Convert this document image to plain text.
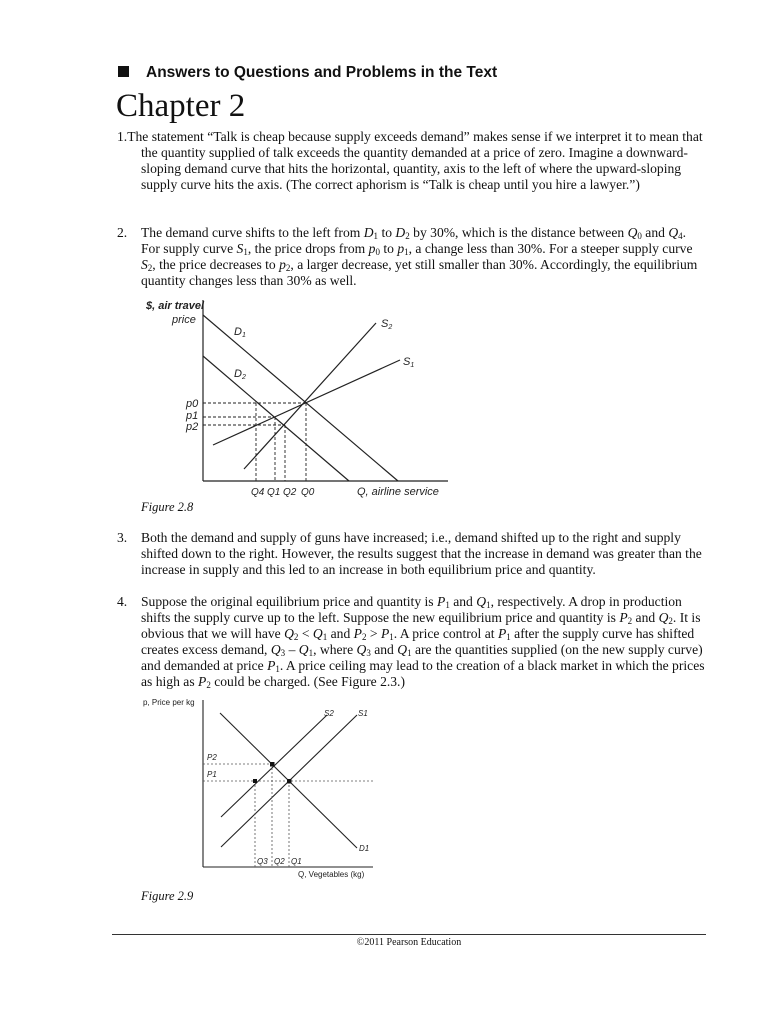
Answers to Questions and Problems in the Text
Chapter 2
1.The statement “Talk is cheap because supply exceeds demand” makes sense if we interpret it to mean that the quantity supplied of talk exceeds the quantity demanded at a price of zero. Imagine a downward-sloping demand curve that hits the horizontal, quantity, axis to the left of where the upward-sloping supply curve hits the axis. (The correct aphorism is “Talk is cheap until you hire a lawyer.”)
2. The demand curve shifts to the left from $D_1$ to $D_2$ by 30%, which is the distance between $Q_0$ and $Q_4$. For supply curve $S_1$, the price drops from $p_0$ to $p_1$, a change less than 30%. For a steeper supply curve $S_2$, the price decreases to $p_2$, a larger decrease, yet still smaller than 30%. Accordingly, the equilibrium quantity changes less than 30% as well.
Figure 2.8
3. Both the demand and supply of guns have increased; i.e., demand shifted up to the right and supply shifted down to the right. However, the results suggest that the increase in demand was greater than the increase in supply and this led to an increase in both equilibrium price and quantity.
4. Suppose the original equilibrium price and quantity is $P_1$ and $Q_1$, respectively. A drop in production shifts the supply curve up to the left. Suppose the new equilibrium price and quantity is $P_2$ and $Q_2$. It is obvious that we will have $Q_2 < Q_1$ and $P_2 > P_1$. A price control at $P_1$ after the supply curve has shifted creates excess demand, $Q_3 - Q_1$, where $Q_3$ and $Q_1$ are the quantities supplied (on the new supply curve) and demanded at price $P_1$. A price ceiling may lead to the creation of a black market in which the prices as high as $P_2$ could be charged. (See Figure 2.3.)
Figure 2.9
$, air travel
price
Q, airline service
D1
D2
S2
S1
p0
p1
p2
Q4 Q1 Q2 Q0
p, Price per kg
Q, Vegetables (kg)
S2	S1
D1
P2
P1
Q3 Q2 Q1
©2011 Pearson Education
